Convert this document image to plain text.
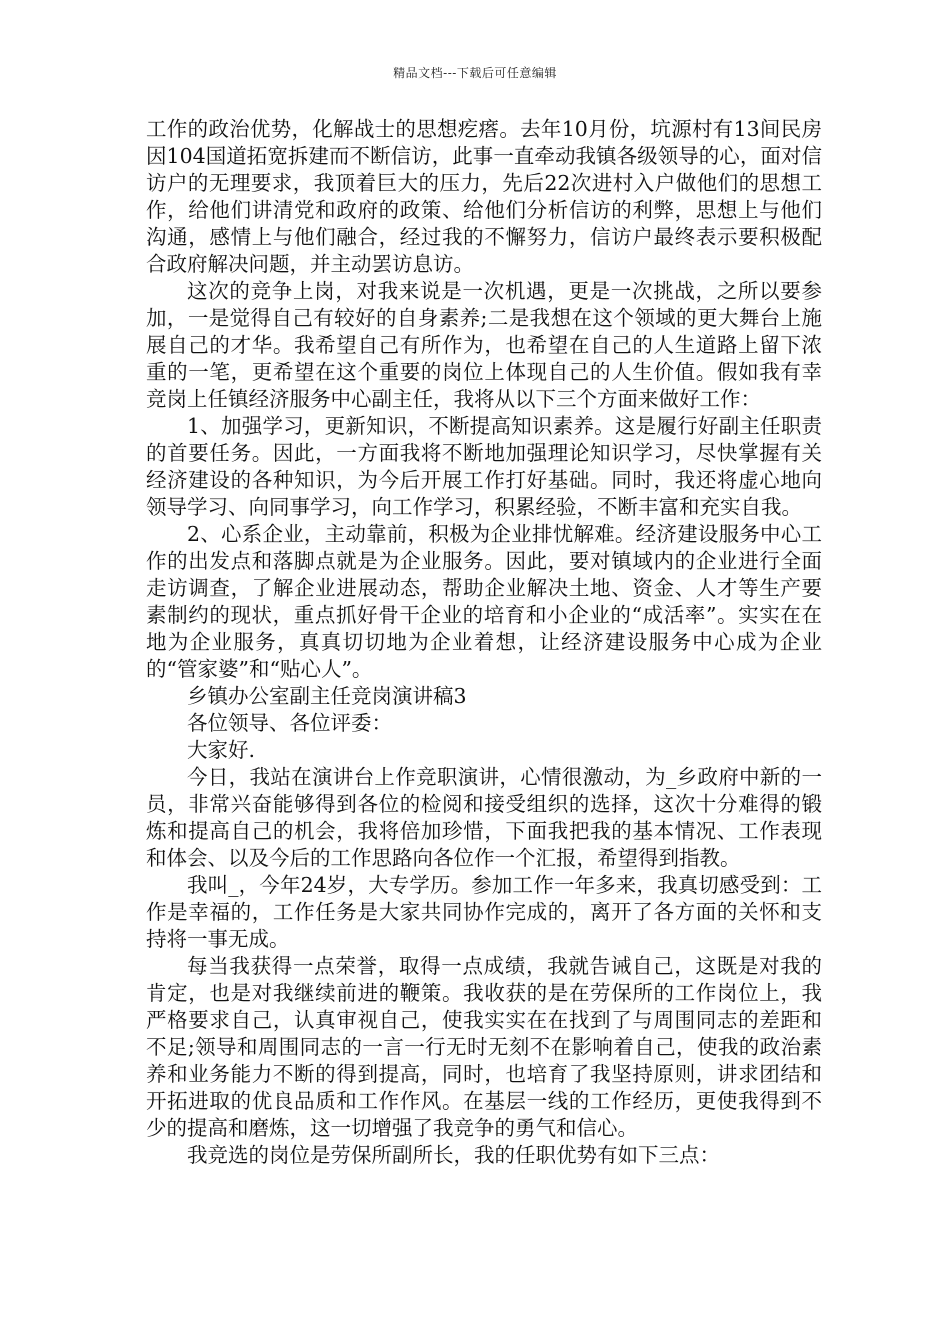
精品文档---下载后可任意编辑

工作的政治优势，化解战士的思想疙瘩。去年10月份，坑源村有13间民房因104国道拓宽拆建而不断信访，此事一直牵动我镇各级领导的心，面对信访户的无理要求，我顶着巨大的压力，先后22次进村入户做他们的思想工作，给他们讲清党和政府的政策、给他们分析信访的利弊，思想上与他们沟通，感情上与他们融合，经过我的不懈努力，信访户最终表示要积极配合政府解决问题，并主动罢访息访。

这次的竞争上岗，对我来说是一次机遇，更是一次挑战，之所以要参加，一是觉得自己有较好的自身素养;二是我想在这个领域的更大舞台上施展自己的才华。我希望自己有所作为，也希望在自己的人生道路上留下浓重的一笔，更希望在这个重要的岗位上体现自己的人生价值。假如我有幸竞岗上任镇经济服务中心副主任，我将从以下三个方面来做好工作：

1、加强学习，更新知识，不断提高知识素养。这是履行好副主任职责的首要任务。因此，一方面我将不断地加强理论知识学习，尽快掌握有关经济建设的各种知识，为今后开展工作打好基础。同时，我还将虚心地向领导学习、向同事学习，向工作学习，积累经验，不断丰富和充实自我。

2、心系企业，主动靠前，积极为企业排忧解难。经济建设服务中心工作的出发点和落脚点就是为企业服务。因此，要对镇域内的企业进行全面走访调查，了解企业进展动态，帮助企业解决土地、资金、人才等生产要素制约的现状，重点抓好骨干企业的培育和小企业的“成活率”。实实在在地为企业服务，真真切切地为企业着想，让经济建设服务中心成为企业的“管家婆”和“贴心人”。

乡镇办公室副主任竞岗演讲稿3

各位领导、各位评委：

大家好.

今日，我站在演讲台上作竞职演讲，心情很激动，为_乡政府中新的一员，非常兴奋能够得到各位的检阅和接受组织的选择，这次十分难得的锻炼和提高自己的机会，我将倍加珍惜，下面我把我的基本情况、工作表现和体会、以及今后的工作思路向各位作一个汇报，希望得到指教。

我叫_，今年24岁，大专学历。参加工作一年多来，我真切感受到：工作是幸福的，工作任务是大家共同协作完成的，离开了各方面的关怀和支持将一事无成。

每当我获得一点荣誉，取得一点成绩，我就告诫自己，这既是对我的肯定，也是对我继续前进的鞭策。我收获的是在劳保所的工作岗位上，我严格要求自己，认真审视自己，使我实实在在找到了与周围同志的差距和不足;领导和周围同志的一言一行无时无刻不在影响着自己，使我的政治素养和业务能力不断的得到提高，同时，也培育了我坚持原则，讲求团结和开拓进取的优良品质和工作作风。在基层一线的工作经历，更使我得到不少的提高和磨炼，这一切增强了我竞争的勇气和信心。

我竞选的岗位是劳保所副所长，我的任职优势有如下三点：
